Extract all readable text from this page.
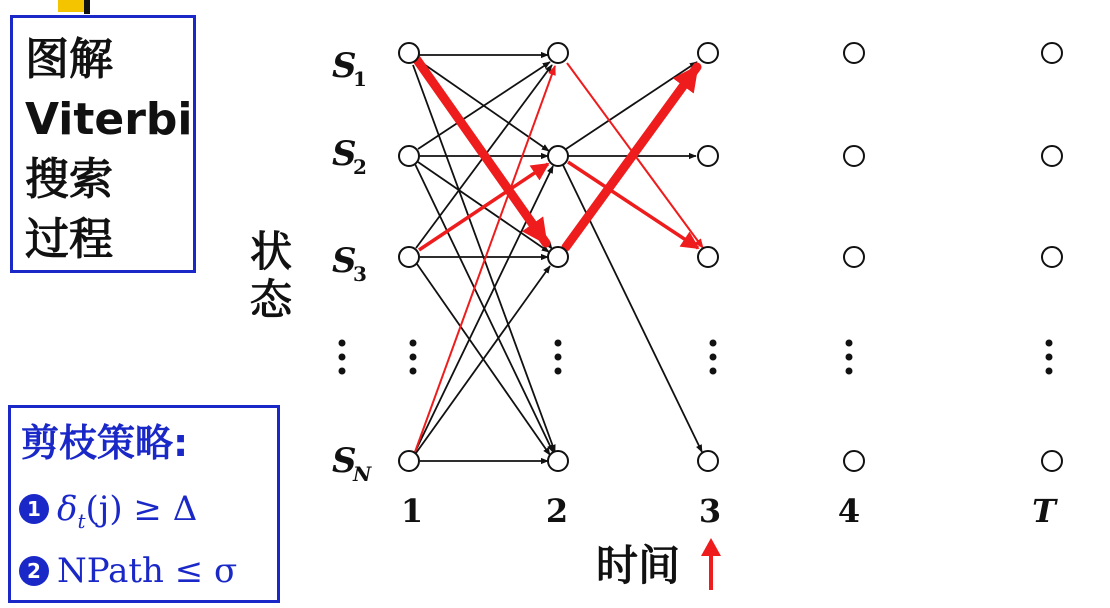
图解
Viterbi
搜索
过程	状态
S
1
S
2
S
3
S
N
1	2	3	4	T
时间
剪枝策略:
1 $\delta_t(j) \ge \Delta$
2 NPath ≤ σ
